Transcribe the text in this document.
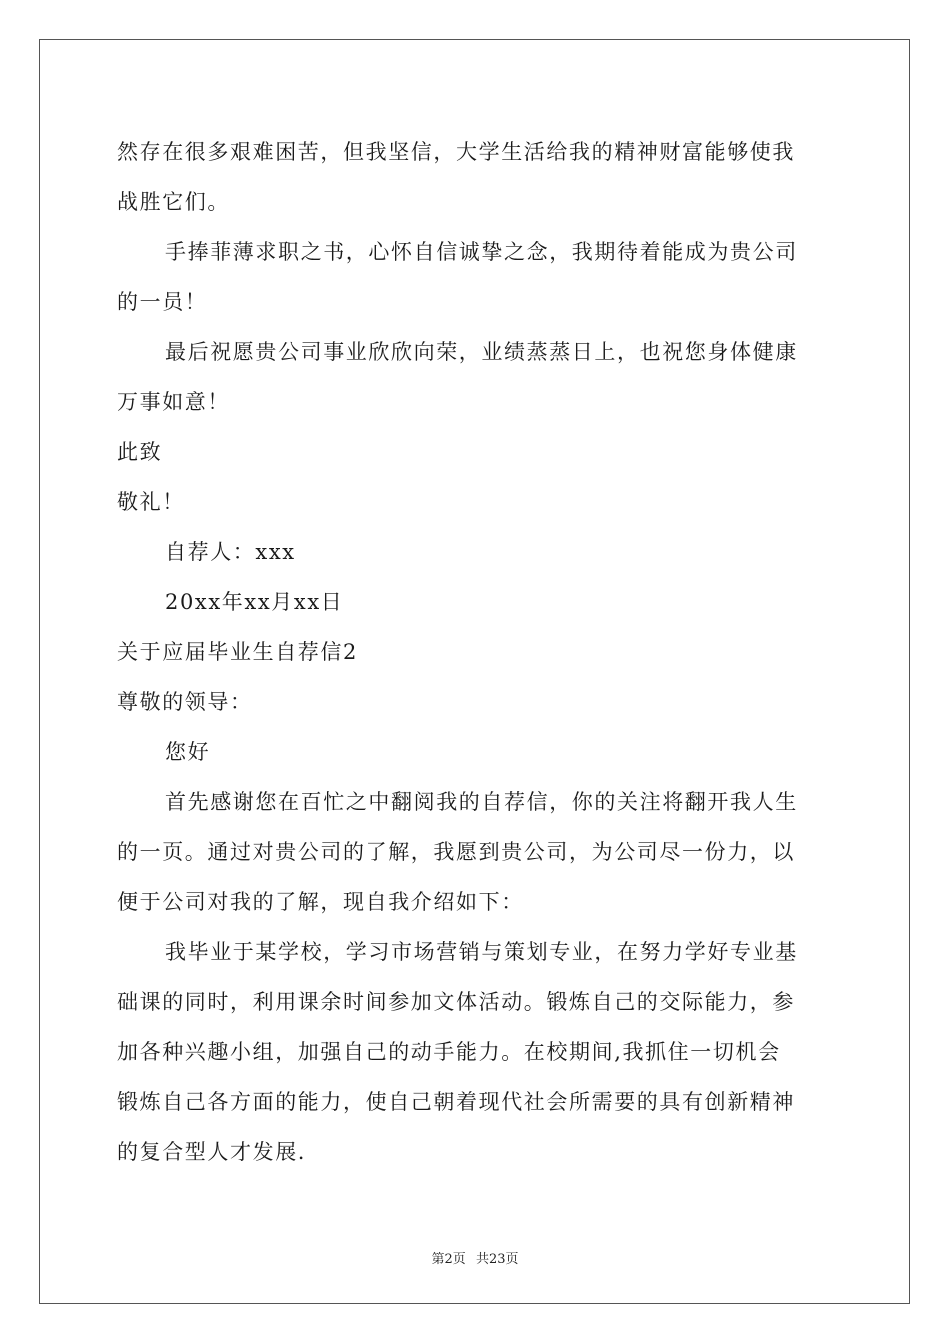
然存在很多艰难困苦，但我坚信，大学生活给我的精神财富能够使我
战胜它们。
手捧菲薄求职之书，心怀自信诚挚之念，我期待着能成为贵公司
的一员！
最后祝愿贵公司事业欣欣向荣，业绩蒸蒸日上，也祝您身体健康
万事如意！
此致
敬礼！
自荐人：xxx
20xx年xx月xx日
关于应届毕业生自荐信2
尊敬的领导：
您好
首先感谢您在百忙之中翻阅我的自荐信，你的关注将翻开我人生
的一页。通过对贵公司的了解，我愿到贵公司，为公司尽一份力，以
便于公司对我的了解，现自我介绍如下：
我毕业于某学校，学习市场营销与策划专业，在努力学好专业基
础课的同时，利用课余时间参加文体活动。锻炼自己的交际能力，参
加各种兴趣小组，加强自己的动手能力。在校期间,我抓住一切机会
锻炼自己各方面的能力，使自己朝着现代社会所需要的具有创新精神
的复合型人才发展.
第2页 共23页
